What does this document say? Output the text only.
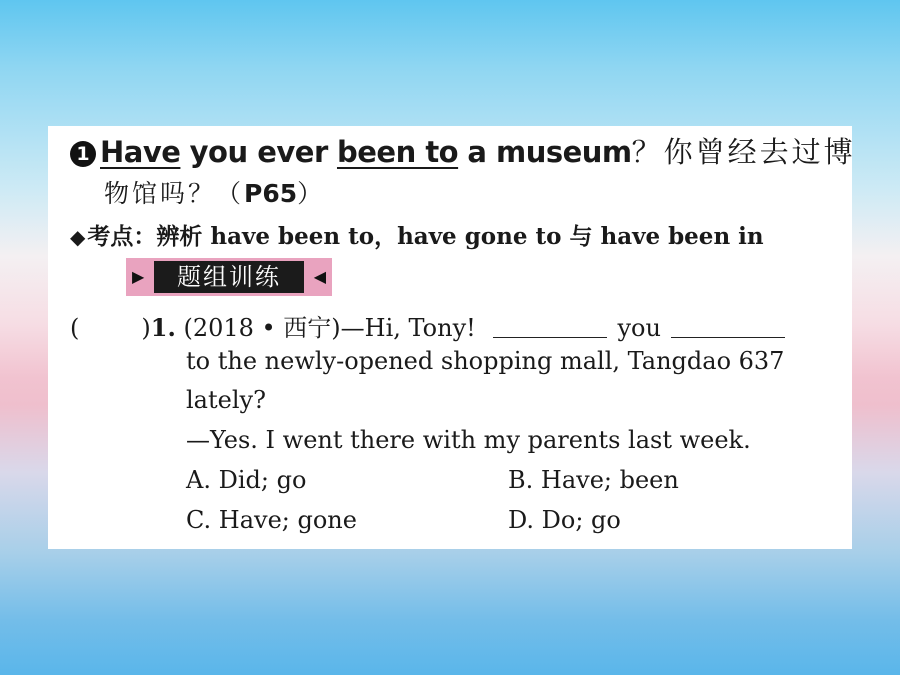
1 Have you ever been to a museum？你曾经去过博
物馆吗？（P65）
◆考点：辨析 have been to，have gone to 与 have been in
▶	题组训练	◀
(	)1. (2018 • 西宁)—Hi, Tony!	you
to the newly-opened shopping mall, Tangdao 637
lately?
—Yes. I went there with my parents last week.
A. Did; go	B. Have; been
C. Have; gone	D. Do; go
